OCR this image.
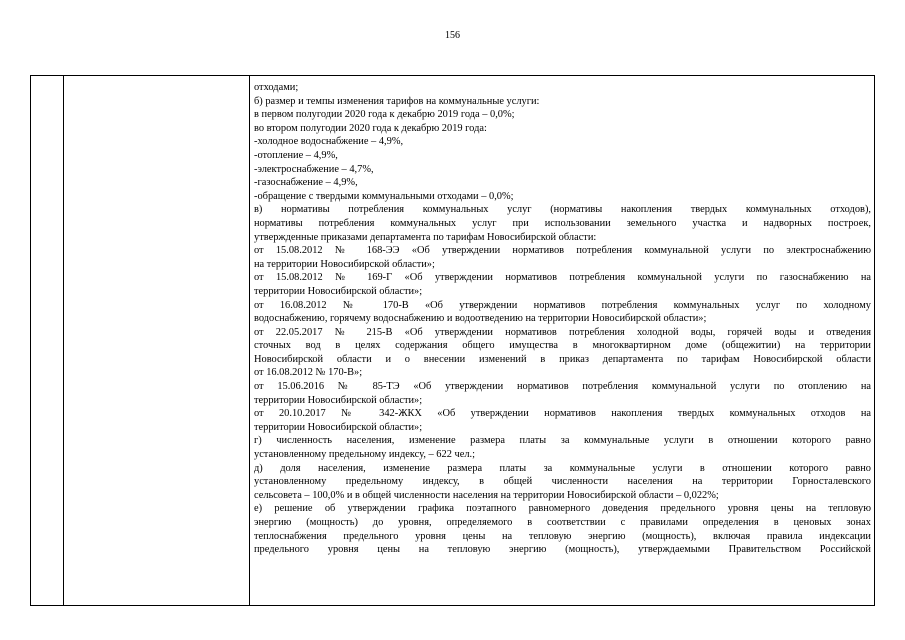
156
отходами;
б) размер и темпы изменения тарифов на коммунальные услуги:
в первом полугодии 2020 года к декабрю 2019 года – 0,0%;
во втором полугодии 2020 года к декабрю 2019 года:
-холодное водоснабжение – 4,9%,
-отопление – 4,9%,
-электроснабжение – 4,7%,
-газоснабжение – 4,9%,
-обращение с твердыми коммунальными отходами – 0,0%;
в) нормативы потребления коммунальных услуг (нормативы накопления твердых коммунальных отходов),
нормативы потребления коммунальных услуг при использовании земельного участка и надворных построек,
утвержденные приказами департамента по тарифам Новосибирской области:
от 15.08.2012 № 168-ЭЭ «Об утверждении нормативов потребления коммунальной услуги по электроснабжению
на территории Новосибирской области»;
от 15.08.2012 № 169-Г «Об утверждении нормативов потребления коммунальной услуги по газоснабжению на
территории Новосибирской области»;
от 16.08.2012 № 170-В «Об утверждении нормативов потребления коммунальных услуг по холодному
водоснабжению, горячему водоснабжению и водоотведению на территории Новосибирской области»;
от 22.05.2017 № 215-В «Об утверждении нормативов потребления холодной воды, горячей воды и отведения
сточных вод в целях содержания общего имущества в многоквартирном доме (общежитии) на территории
Новосибирской области и о внесении изменений в приказ департамента по тарифам Новосибирской области
от 16.08.2012 № 170-В»;
от 15.06.2016 № 85-ТЭ «Об утверждении нормативов потребления коммунальной услуги по отоплению на
территории Новосибирской области»;
от 20.10.2017 № 342-ЖКХ «Об утверждении нормативов накопления твердых коммунальных отходов на
территории Новосибирской области»;
г) численность населения, изменение размера платы за коммунальные услуги в отношении которого равно
установленному предельному индексу, – 622 чел.;
д) доля населения, изменение размера платы за коммунальные услуги в отношении которого равно
установленному предельному индексу, в общей численности населения на территории Горносталевского
сельсовета – 100,0% и в общей численности населения на территории Новосибирской области – 0,022%;
е) решение об утверждении графика поэтапного равномерного доведения предельного уровня цены на тепловую
энергию (мощность) до уровня, определяемого в соответствии с правилами определения в ценовых зонах
теплоснабжения предельного уровня цены на тепловую энергию (мощность), включая правила индексации
предельного уровня цены на тепловую энергию (мощность), утверждаемыми Правительством Российской
